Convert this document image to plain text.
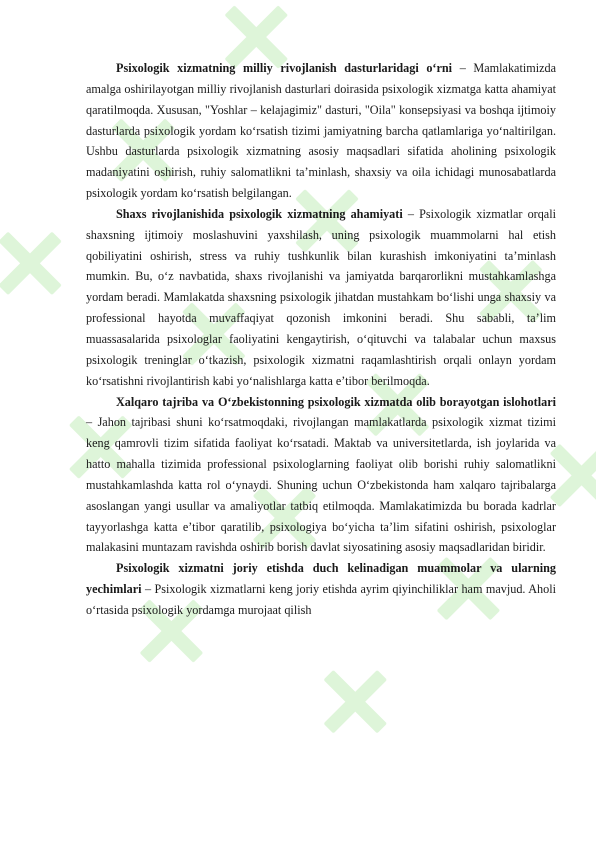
Psixologik xizmatning milliy rivojlanish dasturlaridagi o‘rni – Mamlakatimizda amalga oshirilayotgan milliy rivojlanish dasturlari doirasida psixologik xizmatga katta ahamiyat qaratilmoqda. Xususan, "Yoshlar – kelajagimiz" dasturi, "Oila" konsepsiyasi va boshqa ijtimoiy dasturlarda psixologik yordam ko‘rsatish tizimi jamiyatning barcha qatlamlariga yo‘naltirilgan. Ushbu dasturlarda psixologik xizmatning asosiy maqsadlari sifatida aholining psixologik madaniyatini oshirish, ruhiy salomatlikni ta’minlash, shaxsiy va oila ichidagi munosabatlarda psixologik yordam ko‘rsatish belgilangan.

Shaxs rivojlanishida psixologik xizmatning ahamiyati – Psixologik xizmatlar orqali shaxsning ijtimoiy moslashuvini yaxshilash, uning psixologik muammolarni hal etish qobiliyatini oshirish, stress va ruhiy tushkunlik bilan kurashish imkoniyatini ta’minlash mumkin. Bu, o‘z navbatida, shaxs rivojlanishi va jamiyatda barqarorlikni mustahkamlashga yordam beradi. Mamlakatda shaxsning psixologik jihatdan mustahkam bo‘lishi unga shaxsiy va professional hayotda muvaffaqiyat qozonish imkonini beradi. Shu sababli, ta’lim muassasalarida psixologlar faoliyatini kengaytirish, o‘qituvchi va talabalar uchun maxsus psixologik treninglar o‘tkazish, psixologik xizmatni raqamlashtirish orqali onlayn yordam ko‘rsatishni rivojlantirish kabi yo‘nalishlarga katta e’tibor berilmoqda.

Xalqaro tajriba va O‘zbekistonning psixologik xizmatda olib borayotgan islohotlari – Jahon tajribasi shuni ko‘rsatmoqdaki, rivojlangan mamlakatlarda psixologik xizmat tizimi keng qamrovli tizim sifatida faoliyat ko‘rsatadi. Maktab va universitetlarda, ish joylarida va hatto mahalla tizimida professional psixologlarning faoliyat olib borishi ruhiy salomatlikni mustahkamlashda katta rol o‘ynaydi. Shuning uchun O‘zbekistonda ham xalqaro tajribalarga asoslangan yangi usullar va amaliyotlar tatbiq etilmoqda. Mamlakatimizda bu borada kadrlar tayyorlashga katta e’tibor qaratilib, psixologiya bo‘yicha ta’lim sifatini oshirish, psixologlar malakasini muntazam ravishda oshirib borish davlat siyosatining asosiy maqsadlaridan biridir.

Psixologik xizmatni joriy etishda duch kelinadigan muammolar va ularning yechimlari – Psixologik xizmatlarni keng joriy etishda ayrim qiyinchiliklar ham mavjud. Aholi o‘rtasida psixologik yordamga murojaat qilish
